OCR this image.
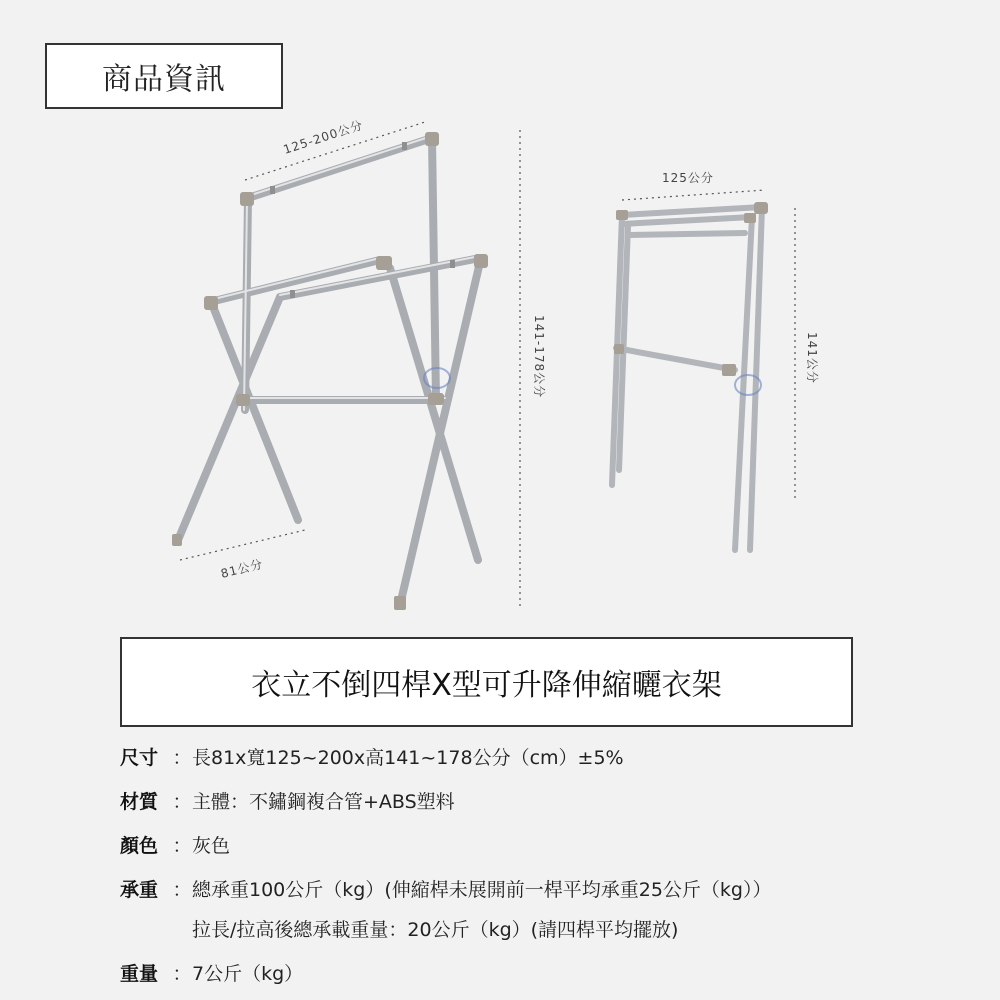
商品資訊
125-200公分
141-178公分
81公分
125公分
141公分
衣立不倒四桿X型可升降伸縮曬衣架
尺寸 ： 長81x寬125~200x高141~178公分（cm）±5%
材質 ： 主體：不鏽鋼複合管+ABS塑料
顏色 ： 灰色
承重 ： 總承重100公斤（kg）(伸縮桿未展開前一桿平均承重25公斤（kg））
拉長/拉高後總承載重量：20公斤（kg）(請四桿平均擺放)
重量 ： 7公斤（kg）
